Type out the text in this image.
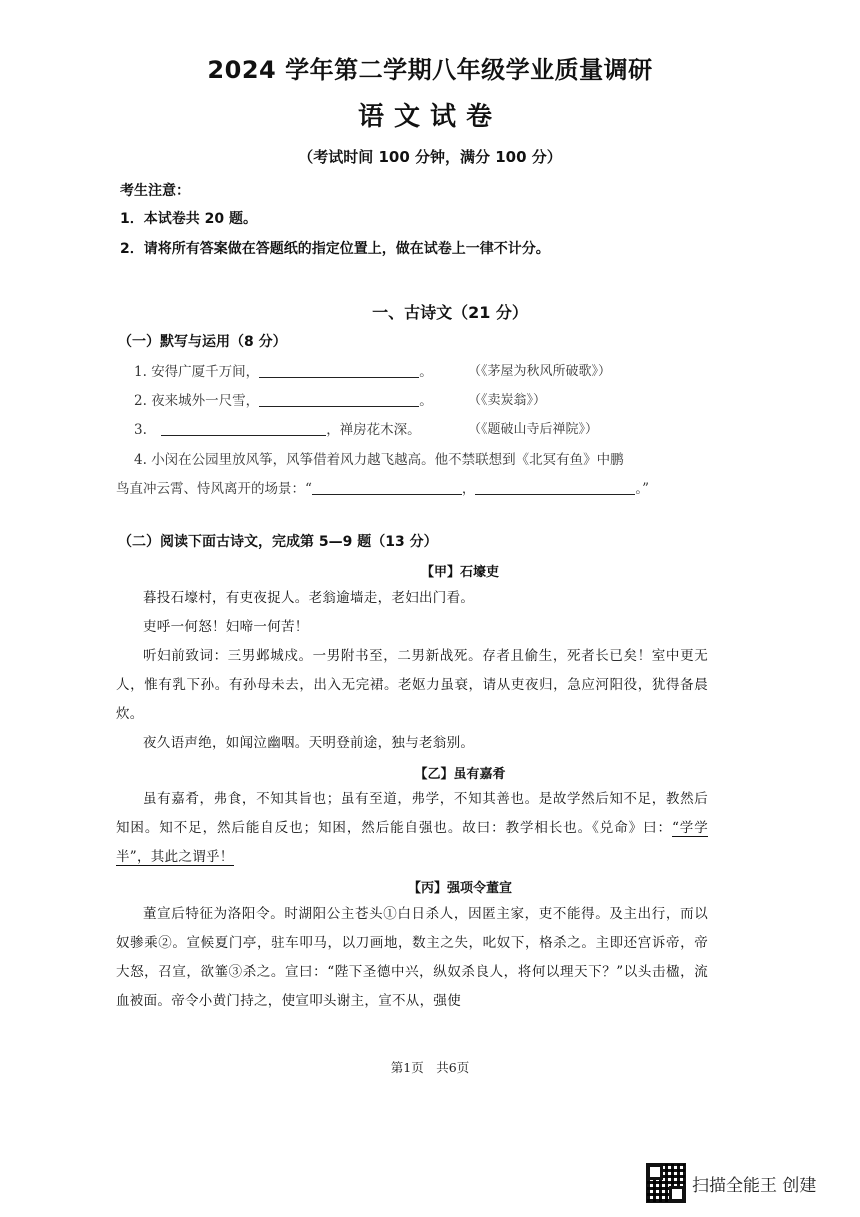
2024 学年第二学期八年级学业质量调研
语文试卷
（考试时间 100 分钟，满分 100 分）
考生注意：
1．本试卷共 20 题。
2．请将所有答案做在答题纸的指定位置上，做在试卷上一律不计分。
一、古诗文（21 分）
（一）默写与运用（8 分）
1. 安得广厦千万间，	。	（《茅屋为秋风所破歌》）
2. 夜来城外一尺雪，	。	（《卖炭翁》）
3.	，禅房花木深。	（《题破山寺后禅院》）
4. 小闵在公园里放风筝，风筝借着风力越飞越高。他不禁联想到《北冥有鱼》中鹏
鸟直冲云霄、恃风离开的场景：“	，	。”
（二）阅读下面古诗文，完成第 5—9 题（13 分）
【甲】石壕吏
暮投石壕村，有吏夜捉人。老翁逾墙走，老妇出门看。
吏呼一何怒！妇啼一何苦！
听妇前致词：三男邺城戍。一男附书至，二男新战死。存者且偷生，死者长已矣！室中更无人，惟有乳下孙。有孙母未去，出入无完裙。老妪力虽衰，请从吏夜归，急应河阳役，犹得备晨炊。
夜久语声绝，如闻泣幽咽。天明登前途，独与老翁别。
【乙】虽有嘉肴
虽有嘉肴，弗食，不知其旨也；虽有至道，弗学，不知其善也。是故学然后知不足，教然后知困。知不足，然后能自反也；知困，然后能自强也。故曰：教学相长也。《兑命》曰：“学学半”，其此之谓乎！
【丙】强项令董宣
董宣后特征为洛阳令。时湖阳公主苍头①白日杀人，因匿主家，吏不能得。及主出行，而以奴骖乘②。宣候夏门亭，驻车叩马，以刀画地，数主之失，叱奴下，格杀之。主即还宫诉帝，帝大怒，召宣，欲箠③杀之。宣曰：“陛下圣德中兴，纵奴杀良人，将何以理天下？”以头击楹，流血被面。帝令小黄门持之，使宣叩头谢主，宣不从，强使
第1页　共6页
扫描全能王 创建
